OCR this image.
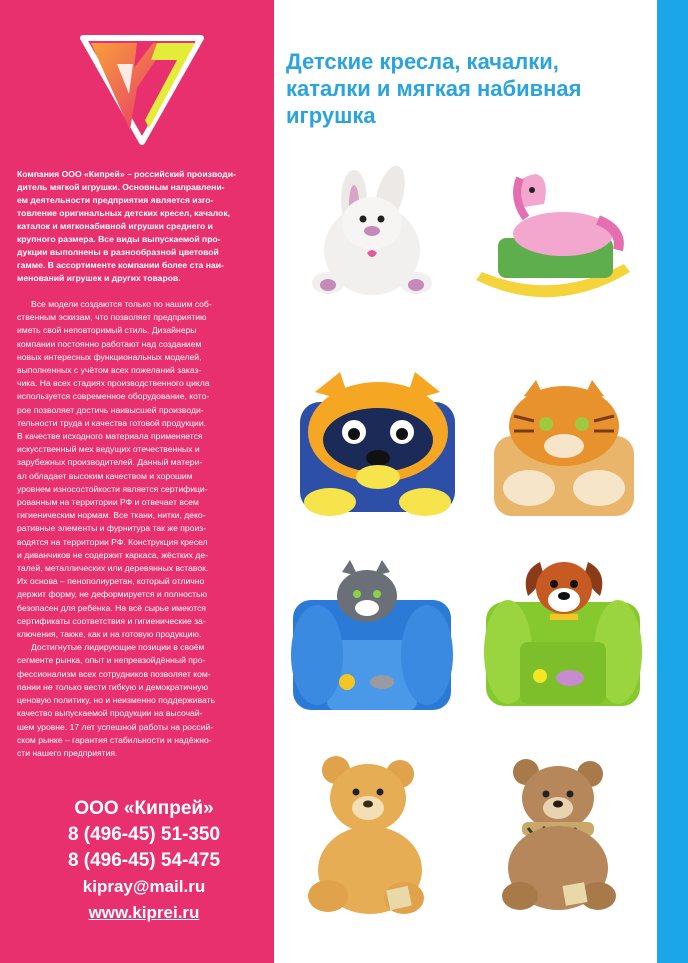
Компания ООО «Кипрей» – российский производи-
дитель мягкой игрушки. Основным направлени-
ем деятельности предприятия является изго-
товление оригинальных детских кресел, качалок,
каталок и мягконабивной игрушки среднего и
крупного размера. Все виды выпускаемой про-
дукции выполнены в разнообразной цветовой
гамме. В ассортименте компании более ста наи-
менований игрушек и других товаров.
Все модели создаются только по нашим соб-
ственным эскизам, что позволяет предприятию
иметь свой неповторимый стиль. Дизайнеры
компании постоянно работают над созданием
новых интересных функциональных моделей,
выполненных с учётом всех пожеланий заказ-
чика. На всех стадиях производственного цикла
используется современное оборудование, кото-
рое позволяет достичь наивысшей производи-
тельности труда и качества готовой продукции.
В качестве исходного материала применяется
искусственный мех ведущих отечественных и
зарубежных производителей. Данный матери-
ал обладает высоким качеством и хорошим
уровнем износостойкости является сертифици-
рованным на территории РФ и отвечает всем
гигиеническим нормам. Все ткани, нитки, деко-
ративные элементы и фурнитура так же произ-
водятся на территории РФ. Конструкция кресел
и диванчиков не содержит каркаса, жёстких де-
талей, металлических или деревянных вставок.
Их основа – пенополиуретан, который отлично
держит форму, не деформируется и полностью
безопасен для ребёнка. На всё сырье имеются
сертификаты соответствия и гигиенические за-
ключения, также, как и на готовую продукцию.
Достигнутые лидирующие позиции в своём
сегменте рынка, опыт и непревзойдённый про-
фессионализм всех сотрудников позволяет ком-
пании не только вести гибкую и демократичную
ценовую политику, но и неизменно поддерживать
качество выпускаемой продукции на высочай-
шем уровне. 17 лет успешной работы на россий-
ском рынке – гарантия стабильности и надёжно-
сти нашего предприятия.
ООО «Кипрей»
8 (496-45) 51-350
8 (496-45) 54-475
kipray@mail.ru
www.kiprei.ru
Детские кресла, качалки,
каталки и мягкая набивная
игрушка
